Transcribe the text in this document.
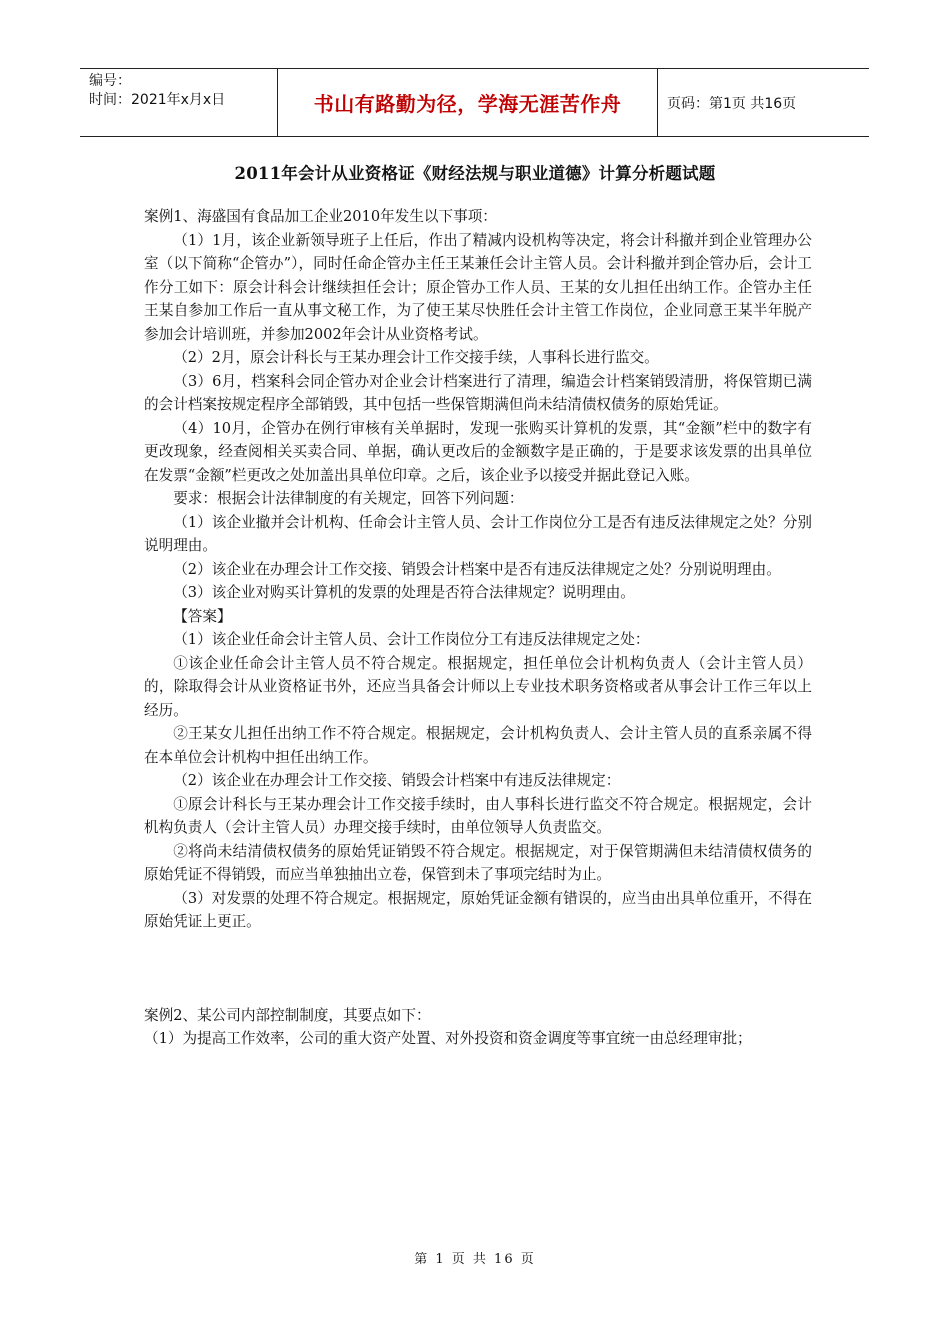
编号：
时间：2021年x月x日	书山有路勤为径，学海无涯苦作舟	页码：第1页 共16页
2011年会计从业资格证《财经法规与职业道德》计算分析题试题

案例1、海盛国有食品加工企业2010年发生以下事项：

（1）1月，该企业新领导班子上任后，作出了精减内设机构等决定，将会计科撤并到企业管理办公室（以下简称“企管办”），同时任命企管办主任王某兼任会计主管人员。会计科撤并到企管办后，会计工作分工如下：原会计科会计继续担任会计；原企管办工作人员、王某的女儿担任出纳工作。企管办主任王某自参加工作后一直从事文秘工作，为了使王某尽快胜任会计主管工作岗位，企业同意王某半年脱产参加会计培训班，并参加2002年会计从业资格考试。

（2）2月，原会计科长与王某办理会计工作交接手续，人事科长进行监交。

（3）6月，档案科会同企管办对企业会计档案进行了清理，编造会计档案销毁清册，将保管期已满的会计档案按规定程序全部销毁，其中包括一些保管期满但尚未结清债权债务的原始凭证。

（4）10月，企管办在例行审核有关单据时，发现一张购买计算机的发票，其“金额”栏中的数字有更改现象，经查阅相关买卖合同、单据，确认更改后的金额数字是正确的，于是要求该发票的出具单位在发票“金额”栏更改之处加盖出具单位印章。之后，该企业予以接受并据此登记入账。

要求：根据会计法律制度的有关规定，回答下列问题：

（1）该企业撤并会计机构、任命会计主管人员、会计工作岗位分工是否有违反法律规定之处？分别说明理由。

（2）该企业在办理会计工作交接、销毁会计档案中是否有违反法律规定之处？分别说明理由。

（3）该企业对购买计算机的发票的处理是否符合法律规定？说明理由。

【答案】

（1）该企业任命会计主管人员、会计工作岗位分工有违反法律规定之处：

①该企业任命会计主管人员不符合规定。根据规定，担任单位会计机构负责人（会计主管人员）的，除取得会计从业资格证书外，还应当具备会计师以上专业技术职务资格或者从事会计工作三年以上经历。

②王某女儿担任出纳工作不符合规定。根据规定，会计机构负责人、会计主管人员的直系亲属不得在本单位会计机构中担任出纳工作。

（2）该企业在办理会计工作交接、销毁会计档案中有违反法律规定：

①原会计科长与王某办理会计工作交接手续时，由人事科长进行监交不符合规定。根据规定，会计机构负责人（会计主管人员）办理交接手续时，由单位领导人负责监交。

②将尚未结清债权债务的原始凭证销毁不符合规定。根据规定，对于保管期满但未结清债权债务的原始凭证不得销毁，而应当单独抽出立卷，保管到未了事项完结时为止。

（3）对发票的处理不符合规定。根据规定，原始凭证金额有错误的，应当由出具单位重开，不得在原始凭证上更正。

案例2、某公司内部控制制度，其要点如下：

（1）为提高工作效率，公司的重大资产处置、对外投资和资金调度等事宜统一由总经理审批；

第 1 页 共 16 页
